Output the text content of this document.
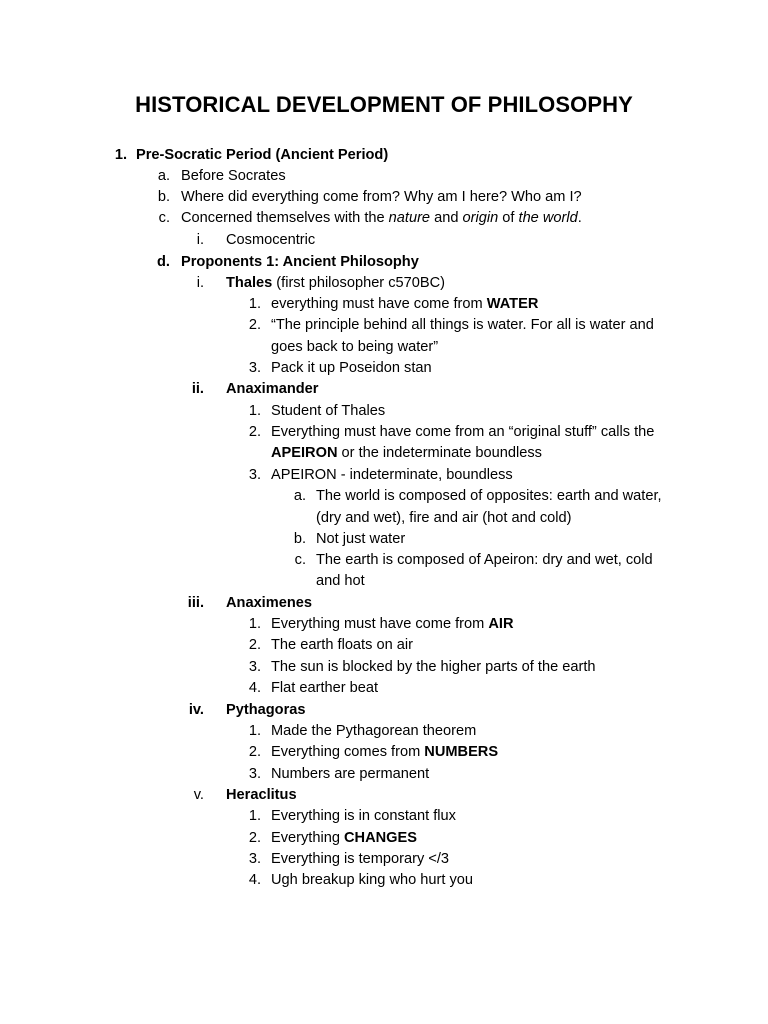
HISTORICAL DEVELOPMENT OF PHILOSOPHY
1. Pre-Socratic Period (Ancient Period)
a. Before Socrates
b. Where did everything come from? Why am I here? Who am I?
c. Concerned themselves with the nature and origin of the world.
i. Cosmocentric
d. Proponents 1: Ancient Philosophy
i. Thales (first philosopher c570BC)
1. everything must have come from WATER
2. “The principle behind all things is water. For all is water and
goes back to being water”
3. Pack it up Poseidon stan
ii. Anaximander
1. Student of Thales
2. Everything must have come from an “original stuff” calls the
APEIRON or the indeterminate boundless
3. APEIRON - indeterminate, boundless
a. The world is composed of opposites: earth and water,
(dry and wet), fire and air (hot and cold)
b. Not just water
c. The earth is composed of Apeiron: dry and wet, cold
and hot
iii. Anaximenes
1. Everything must have come from AIR
2. The earth floats on air
3. The sun is blocked by the higher parts of the earth
4. Flat earther beat
iv. Pythagoras
1. Made the Pythagorean theorem
2. Everything comes from NUMBERS
3. Numbers are permanent
v. Heraclitus
1. Everything is in constant flux
2. Everything CHANGES
3. Everything is temporary </3
4. Ugh breakup king who hurt you
